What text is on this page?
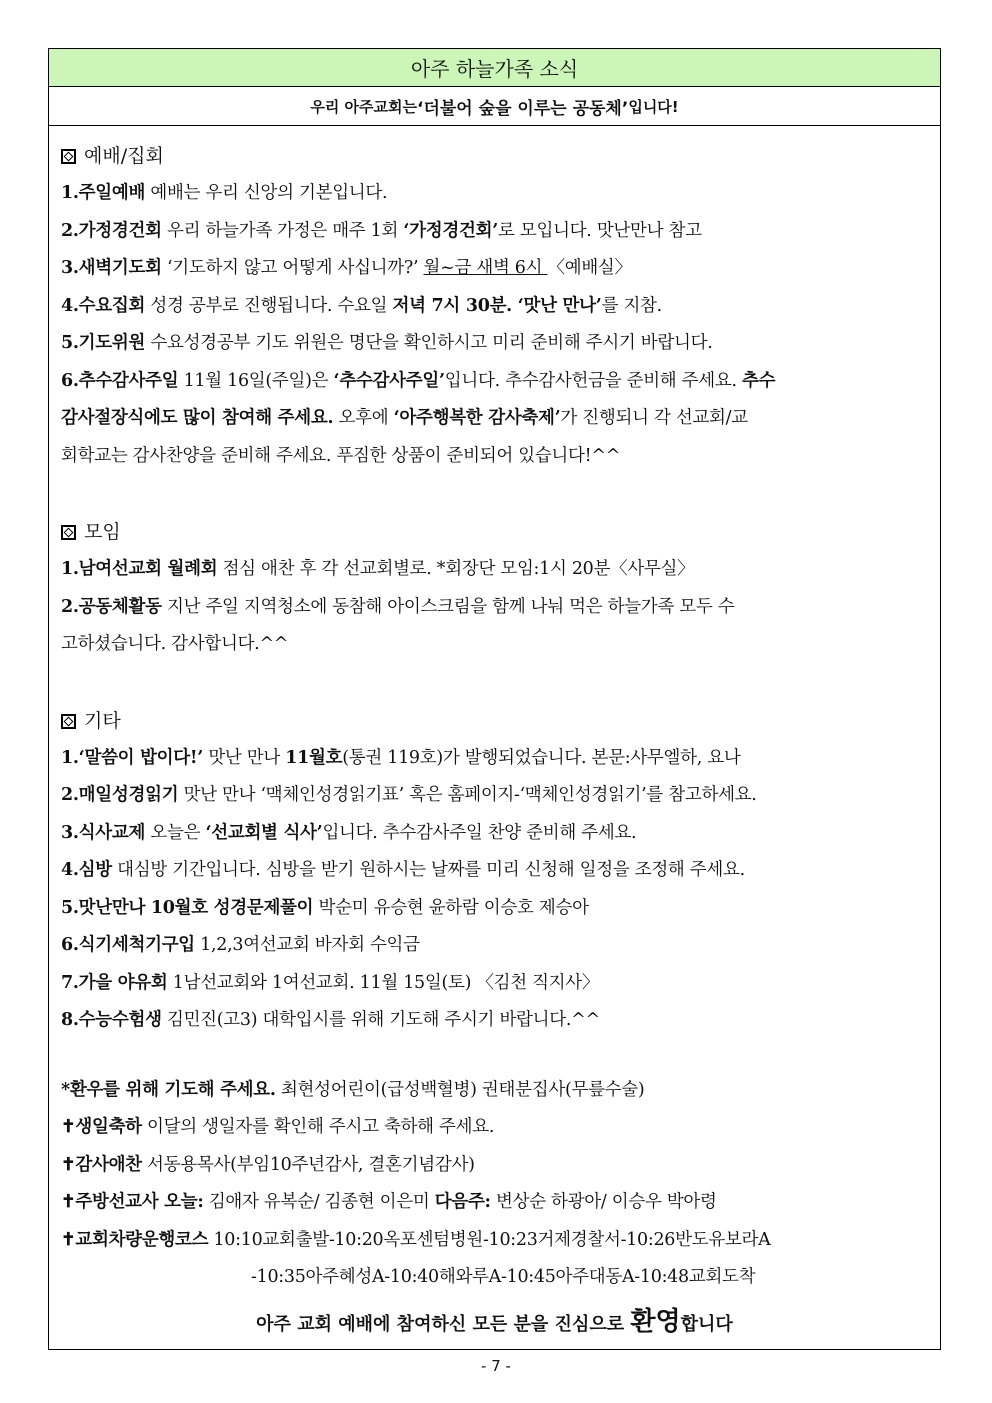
아주 하늘가족 소식
우리 아주교회는 ‘더불어 숲을 이루는 공동체’ 입니다!
예배/집회
1.주일예배 예배는 우리 신앙의 기본입니다.
2.가정경건회 우리 하늘가족 가정은 매주 1회 ‘가정경건회’로 모입니다. 맛난만나 참고
3.새벽기도회 ‘기도하지 않고 어떻게 사십니까?’ 월~금 새벽 6시 〈예배실〉
4.수요집회 성경 공부로 진행됩니다. 수요일 저녁 7시 30분. ‘맛난 만나’를 지참.
5.기도위원 수요성경공부 기도 위원은 명단을 확인하시고 미리 준비해 주시기 바랍니다.
6.추수감사주일 11월 16일(주일)은 ‘추수감사주일’입니다. 추수감사헌금을 준비해 주세요. 추수
감사절장식에도 많이 참여해 주세요. 오후에 ‘아주행복한 감사축제’가 진행되니 각 선교회/교
회학교는 감사찬양을 준비해 주세요. 푸짐한 상품이 준비되어 있습니다!^^
모임
1.남여선교회 월례회 점심 애찬 후 각 선교회별로. *회장단 모임:1시 20분〈사무실〉
2.공동체활동 지난 주일 지역청소에 동참해 아이스크림을 함께 나눠 먹은 하늘가족 모두 수
고하셨습니다. 감사합니다.^^
기타
1.‘말씀이 밥이다!’ 맛난 만나 11월호(통권 119호)가 발행되었습니다. 본문:사무엘하, 요나
2.매일성경읽기 맛난 만나 ‘맥체인성경읽기표’ 혹은 홈페이지-‘맥체인성경읽기’를 참고하세요.
3.식사교제 오늘은 ‘선교회별 식사’입니다. 추수감사주일 찬양 준비해 주세요.
4.심방 대심방 기간입니다. 심방을 받기 원하시는 날짜를 미리 신청해 일정을 조정해 주세요.
5.맛난만나 10월호 성경문제풀이 박순미 유승현 윤하람 이승호 제승아
6.식기세척기구입 1,2,3여선교회 바자회 수익금
7.가을 야유회 1남선교회와 1여선교회. 11월 15일(토) 〈김천 직지사〉
8.수능수험생 김민진(고3) 대학입시를 위해 기도해 주시기 바랍니다.^^
*환우를 위해 기도해 주세요. 최현성어린이(급성백혈병) 권태분집사(무릎수술)
✝생일축하 이달의 생일자를 확인해 주시고 축하해 주세요.
✝감사애찬 서동용목사(부임10주년감사, 결혼기념감사)
✝주방선교사 오늘: 김애자 유복순/ 김종현 이은미 다음주: 변상순 하광아/ 이승우 박아령
✝교회차량운행코스 10:10교회출발-10:20옥포센텀병원-10:23거제경찰서-10:26반도유보라A
-10:35아주혜성A-10:40해와루A-10:45아주대동A-10:48교회도착
아주 교회 예배에 참여하신 모든 분을 진심으로 환영합니다
- 7 -
